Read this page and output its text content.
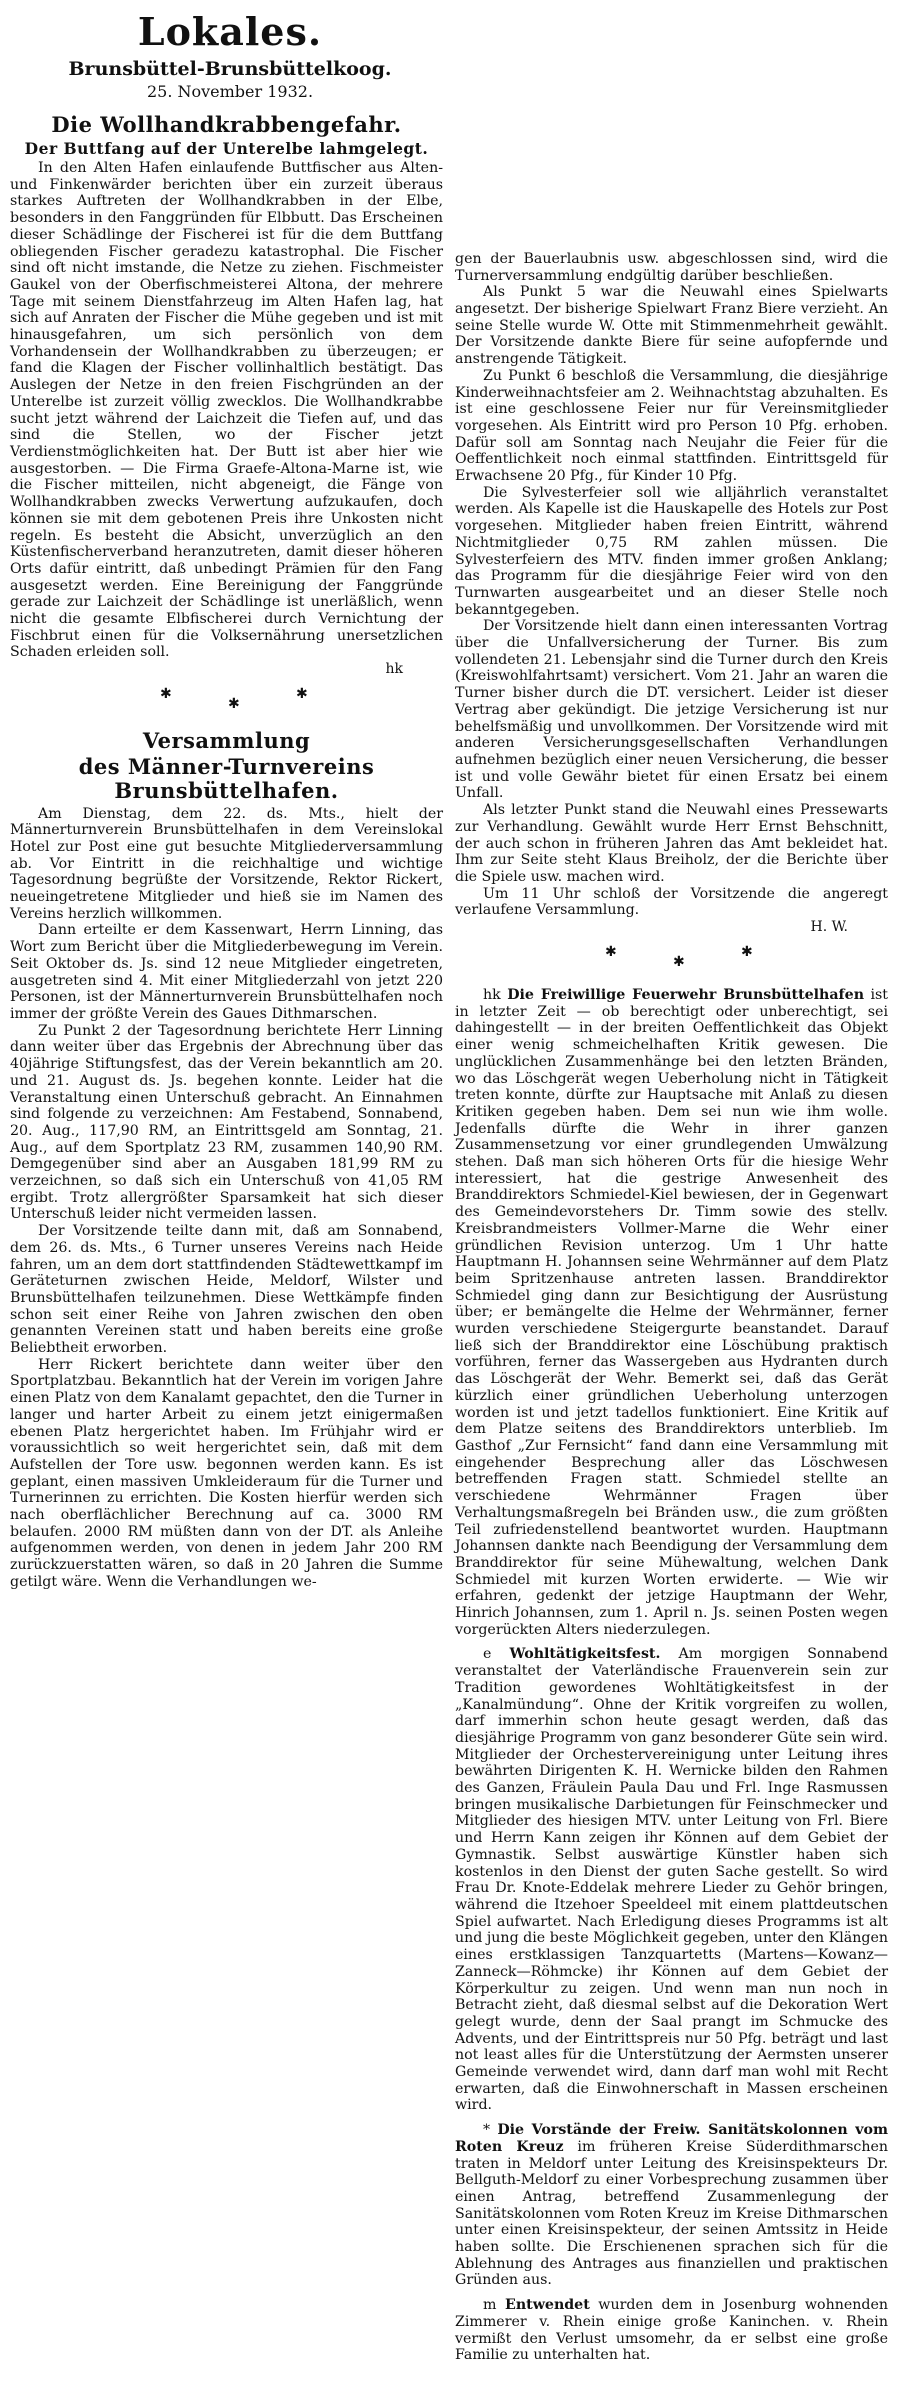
Lokales.
Brunsbüttel-Brunsbüttelkoog.
25. November 1932.
Die Wollhandkrabbengefahr.
Der Buttfang auf der Unterelbe lahmgelegt.

In den Alten Hafen einlaufende Buttfischer aus Alten- und Finkenwärder berichten über ein zurzeit überaus starkes Auftreten der Wollhandkrabben in der Elbe, besonders in den Fanggründen für Elbbutt. Das Erscheinen dieser Schädlinge der Fischerei ist für die dem Buttfang obliegenden Fischer geradezu katastrophal. Die Fischer sind oft nicht imstande, die Netze zu ziehen. Fischmeister Gaukel von der Oberfischmeisterei Altona, der mehrere Tage mit seinem Dienstfahrzeug im Alten Hafen lag, hat sich auf Anraten der Fischer die Mühe gegeben und ist mit hinausgefahren, um sich persönlich von dem Vorhandensein der Wollhandkrabben zu überzeugen; er fand die Klagen der Fischer vollinhaltlich bestätigt. Das Auslegen der Netze in den freien Fischgründen an der Unterelbe ist zurzeit völlig zwecklos. Die Wollhandkrabbe sucht jetzt während der Laichzeit die Tiefen auf, und das sind die Stellen, wo der Fischer jetzt Verdienstmöglichkeiten hat. Der Butt ist aber hier wie ausgestorben. — Die Firma Graefe-Altona-Marne ist, wie die Fischer mitteilen, nicht abgeneigt, die Fänge von Wollhandkrabben zwecks Verwertung aufzukaufen, doch können sie mit dem gebotenen Preis ihre Unkosten nicht regeln. Es besteht die Absicht, unverzüglich an den Küstenfischerverband heranzutreten, damit dieser höheren Orts dafür eintritt, daß unbedingt Prämien für den Fang ausgesetzt werden. Eine Bereinigung der Fanggründe gerade zur Laichzeit der Schädlinge ist unerläßlich, wenn nicht die gesamte Elbfischerei durch Vernichtung der Fischbrut einen für die Volksernährung unersetzlichen Schaden erleiden soll.

hk
✱
✱
✱
Versammlung
des Männer-Turnvereins Brunsbüttelhafen.

Am Dienstag, dem 22. ds. Mts., hielt der Männerturnverein Brunsbüttelhafen in dem Vereinslokal Hotel zur Post eine gut besuchte Mitgliederversammlung ab. Vor Eintritt in die reichhaltige und wichtige Tagesordnung begrüßte der Vorsitzende, Rektor Rickert, neueingetretene Mitglieder und hieß sie im Namen des Vereins herzlich willkommen.

Dann erteilte er dem Kassenwart, Herrn Linning, das Wort zum Bericht über die Mitgliederbewegung im Verein. Seit Oktober ds. Js. sind 12 neue Mitglieder eingetreten, ausgetreten sind 4. Mit einer Mitgliederzahl von jetzt 220 Personen, ist der Männerturnverein Brunsbüttelhafen noch immer der größte Verein des Gaues Dithmarschen.

Zu Punkt 2 der Tagesordnung berichtete Herr Linning dann weiter über das Ergebnis der Abrechnung über das 40jährige Stiftungsfest, das der Verein bekanntlich am 20. und 21. August ds. Js. begehen konnte. Leider hat die Veranstaltung einen Unterschuß gebracht. An Einnahmen sind folgende zu verzeichnen: Am Festabend, Sonnabend, 20. Aug., 117,90 RM, an Eintrittsgeld am Sonntag, 21. Aug., auf dem Sportplatz 23 RM, zusammen 140,90 RM. Demgegenüber sind aber an Ausgaben 181,99 RM zu verzeichnen, so daß sich ein Unterschuß von 41,05 RM ergibt. Trotz allergrößter Sparsamkeit hat sich dieser Unterschuß leider nicht vermeiden lassen.

Der Vorsitzende teilte dann mit, daß am Sonnabend, dem 26. ds. Mts., 6 Turner unseres Vereins nach Heide fahren, um an dem dort stattfindenden Städtewettkampf im Geräteturnen zwischen Heide, Meldorf, Wilster und Brunsbüttelhafen teilzunehmen. Diese Wettkämpfe finden schon seit einer Reihe von Jahren zwischen den oben genannten Vereinen statt und haben bereits eine große Beliebtheit erworben.

Herr Rickert berichtete dann weiter über den Sportplatzbau. Bekanntlich hat der Verein im vorigen Jahre einen Platz von dem Kanalamt gepachtet, den die Turner in langer und harter Arbeit zu einem jetzt einigermaßen ebenen Platz hergerichtet haben. Im Frühjahr wird er voraussichtlich so weit hergerichtet sein, daß mit dem Aufstellen der Tore usw. begonnen werden kann. Es ist geplant, einen massiven Umkleideraum für die Turner und Turnerinnen zu errichten. Die Kosten hierfür werden sich nach oberflächlicher Berechnung auf ca. 3000 RM belaufen. 2000 RM müßten dann von der DT. als Anleihe aufgenommen werden, von denen in jedem Jahr 200 RM zurückzuerstatten wären, so daß in 20 Jahren die Summe getilgt wäre. Wenn die Verhandlungen we-

gen der Bauerlaubnis usw. abgeschlossen sind, wird die Turnerversammlung endgültig darüber beschließen.

Als Punkt 5 war die Neuwahl eines Spielwarts angesetzt. Der bisherige Spielwart Franz Biere verzieht. An seine Stelle wurde W. Otte mit Stimmenmehrheit gewählt. Der Vorsitzende dankte Biere für seine aufopfernde und anstrengende Tätigkeit.

Zu Punkt 6 beschloß die Versammlung, die diesjährige Kinderweihnachtsfeier am 2. Weihnachtstag abzuhalten. Es ist eine geschlossene Feier nur für Vereinsmitglieder vorgesehen. Als Eintritt wird pro Person 10 Pfg. erhoben. Dafür soll am Sonntag nach Neujahr die Feier für die Oeffentlichkeit noch einmal stattfinden. Eintrittsgeld für Erwachsene 20 Pfg., für Kinder 10 Pfg.

Die Sylvesterfeier soll wie alljährlich veranstaltet werden. Als Kapelle ist die Hauskapelle des Hotels zur Post vorgesehen. Mitglieder haben freien Eintritt, während Nichtmitglieder 0,75 RM zahlen müssen. Die Sylvesterfeiern des MTV. finden immer großen Anklang; das Programm für die diesjährige Feier wird von den Turnwarten ausgearbeitet und an dieser Stelle noch bekanntgegeben.

Der Vorsitzende hielt dann einen interessanten Vortrag über die Unfallversicherung der Turner. Bis zum vollendeten 21. Lebensjahr sind die Turner durch den Kreis (Kreiswohlfahrtsamt) versichert. Vom 21. Jahr an waren die Turner bisher durch die DT. versichert. Leider ist dieser Vertrag aber gekündigt. Die jetzige Versicherung ist nur behelfsmäßig und unvollkommen. Der Vorsitzende wird mit anderen Versicherungsgesellschaften Verhandlungen aufnehmen bezüglich einer neuen Versicherung, die besser ist und volle Gewähr bietet für einen Ersatz bei einem Unfall.

Als letzter Punkt stand die Neuwahl eines Pressewarts zur Verhandlung. Gewählt wurde Herr Ernst Behschnitt, der auch schon in früheren Jahren das Amt bekleidet hat. Ihm zur Seite steht Klaus Breiholz, der die Berichte über die Spiele usw. machen wird.

Um 11 Uhr schloß der Vorsitzende die angeregt verlaufene Versammlung.

H. W.
✱
✱
✱

hk Die Freiwillige Feuerwehr Brunsbüttelhafen ist in letzter Zeit — ob berechtigt oder unberechtigt, sei dahingestellt — in der breiten Oeffentlichkeit das Objekt einer wenig schmeichelhaften Kritik gewesen. Die unglücklichen Zusammenhänge bei den letzten Bränden, wo das Löschgerät wegen Ueberholung nicht in Tätigkeit treten konnte, dürfte zur Hauptsache mit Anlaß zu diesen Kritiken gegeben haben. Dem sei nun wie ihm wolle. Jedenfalls dürfte die Wehr in ihrer ganzen Zusammensetzung vor einer grundlegenden Umwälzung stehen. Daß man sich höheren Orts für die hiesige Wehr interessiert, hat die gestrige Anwesenheit des Branddirektors Schmiedel-Kiel bewiesen, der in Gegenwart des Gemeindevorstehers Dr. Timm sowie des stellv. Kreisbrandmeisters Vollmer-Marne die Wehr einer gründlichen Revision unterzog. Um 1 Uhr hatte Hauptmann H. Johannsen seine Wehrmänner auf dem Platz beim Spritzenhause antreten lassen. Branddirektor Schmiedel ging dann zur Besichtigung der Ausrüstung über; er bemängelte die Helme der Wehrmänner, ferner wurden verschiedene Steigergurte beanstandet. Darauf ließ sich der Branddirektor eine Löschübung praktisch vorführen, ferner das Wassergeben aus Hydranten durch das Löschgerät der Wehr. Bemerkt sei, daß das Gerät kürzlich einer gründlichen Ueberholung unterzogen worden ist und jetzt tadellos funktioniert. Eine Kritik auf dem Platze seitens des Branddirektors unterblieb. Im Gasthof „Zur Fernsicht“ fand dann eine Versammlung mit eingehender Besprechung aller das Löschwesen betreffenden Fragen statt. Schmiedel stellte an verschiedene Wehrmänner Fragen über Verhaltungsmaßregeln bei Bränden usw., die zum größten Teil zufriedenstellend beantwortet wurden. Hauptmann Johannsen dankte nach Beendigung der Versammlung dem Branddirektor für seine Mühewaltung, welchen Dank Schmiedel mit kurzen Worten erwiderte. — Wie wir erfahren, gedenkt der jetzige Hauptmann der Wehr, Hinrich Johannsen, zum 1. April n. Js. seinen Posten wegen vorgerückten Alters niederzulegen.

e Wohltätigkeitsfest. Am morgigen Sonnabend veranstaltet der Vaterländische Frauenverein sein zur Tradition gewordenes Wohltätigkeitsfest in der „Kanalmündung“. Ohne der Kritik vorgreifen zu wollen, darf immerhin schon heute gesagt werden, daß das diesjährige Programm von ganz besonderer Güte sein wird. Mitglieder der Orchestervereinigung unter Leitung ihres bewährten Dirigenten K. H. Wernicke bilden den Rahmen des Ganzen, Fräulein Paula Dau und Frl. Inge Rasmussen bringen musikalische Darbietungen für Feinschmecker und Mitglieder des hiesigen MTV. unter Leitung von Frl. Biere und Herrn Kann zeigen ihr Können auf dem Gebiet der Gymnastik. Selbst auswärtige Künstler haben sich kostenlos in den Dienst der guten Sache gestellt. So wird Frau Dr. Knote-Eddelak mehrere Lieder zu Gehör bringen, während die Itzehoer Speeldeel mit einem plattdeutschen Spiel aufwartet. Nach Erledigung dieses Programms ist alt und jung die beste Möglichkeit gegeben, unter den Klängen eines erstklassigen Tanzquartetts (Martens—Kowanz—Zanneck—Röhmcke) ihr Können auf dem Gebiet der Körperkultur zu zeigen. Und wenn man nun noch in Betracht zieht, daß diesmal selbst auf die Dekoration Wert gelegt wurde, denn der Saal prangt im Schmucke des Advents, und der Eintrittspreis nur 50 Pfg. beträgt und last not least alles für die Unterstützung der Aermsten unserer Gemeinde verwendet wird, dann darf man wohl mit Recht erwarten, daß die Einwohnerschaft in Massen erscheinen wird.

* Die Vorstände der Freiw. Sanitätskolonnen vom Roten Kreuz im früheren Kreise Süderdithmarschen traten in Meldorf unter Leitung des Kreisinspekteurs Dr. Bellguth-Meldorf zu einer Vorbesprechung zusammen über einen Antrag, betreffend Zusammenlegung der Sanitätskolonnen vom Roten Kreuz im Kreise Dithmarschen unter einen Kreisinspekteur, der seinen Amtssitz in Heide haben sollte. Die Erschienenen sprachen sich für die Ablehnung des Antrages aus finanziellen und praktischen Gründen aus.

m Entwendet wurden dem in Josenburg wohnenden Zimmerer v. Rhein einige große Kaninchen. v. Rhein vermißt den Verlust umsomehr, da er selbst eine große Familie zu unterhalten hat.
